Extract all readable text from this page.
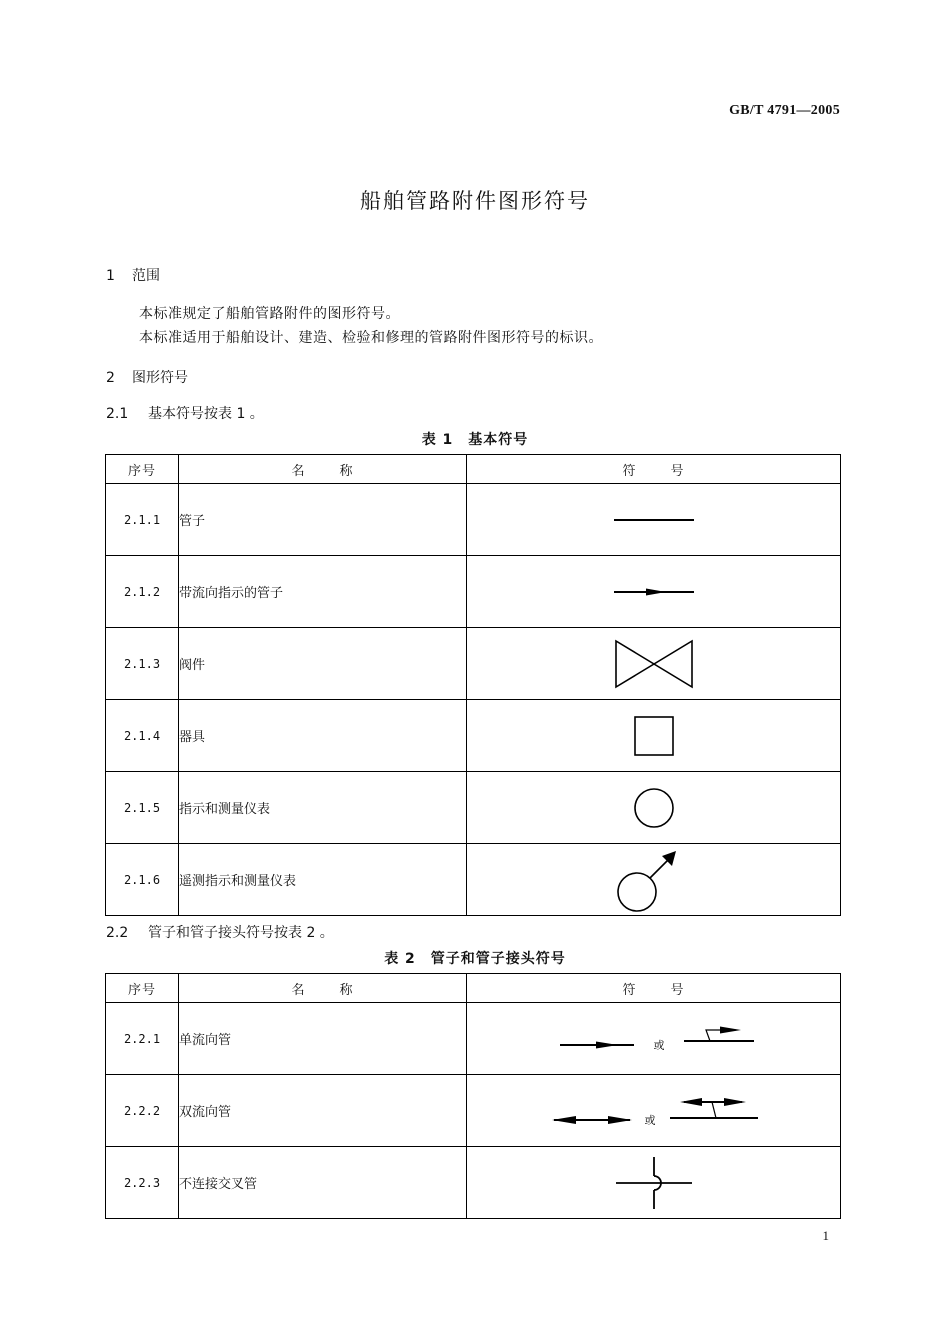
GB/T 4791—2005
船舶管路附件图形符号
1 范围
本标准规定了船舶管路附件的图形符号。
本标准适用于船舶设计、建造、检验和修理的管路附件图形符号的标识。
2 图形符号
2.1 基本符号按表 1 。
表 1　基本符号
序号	名 称	符 号
2.1.1	管子	

2.1.2	带流向指示的管子	

2.1.3	阀件	

2.1.4	器具	

2.1.5	指示和测量仪表	

2.1.6	遥测指示和测量仪表	
2.2 管子和管子接头符号按表 2 。
表 2　管子和管子接头符号
序号	名 称	符 号
2.2.1	单流向管	或

2.2.2	双流向管	或

2.2.3	不连接交叉管	
1
